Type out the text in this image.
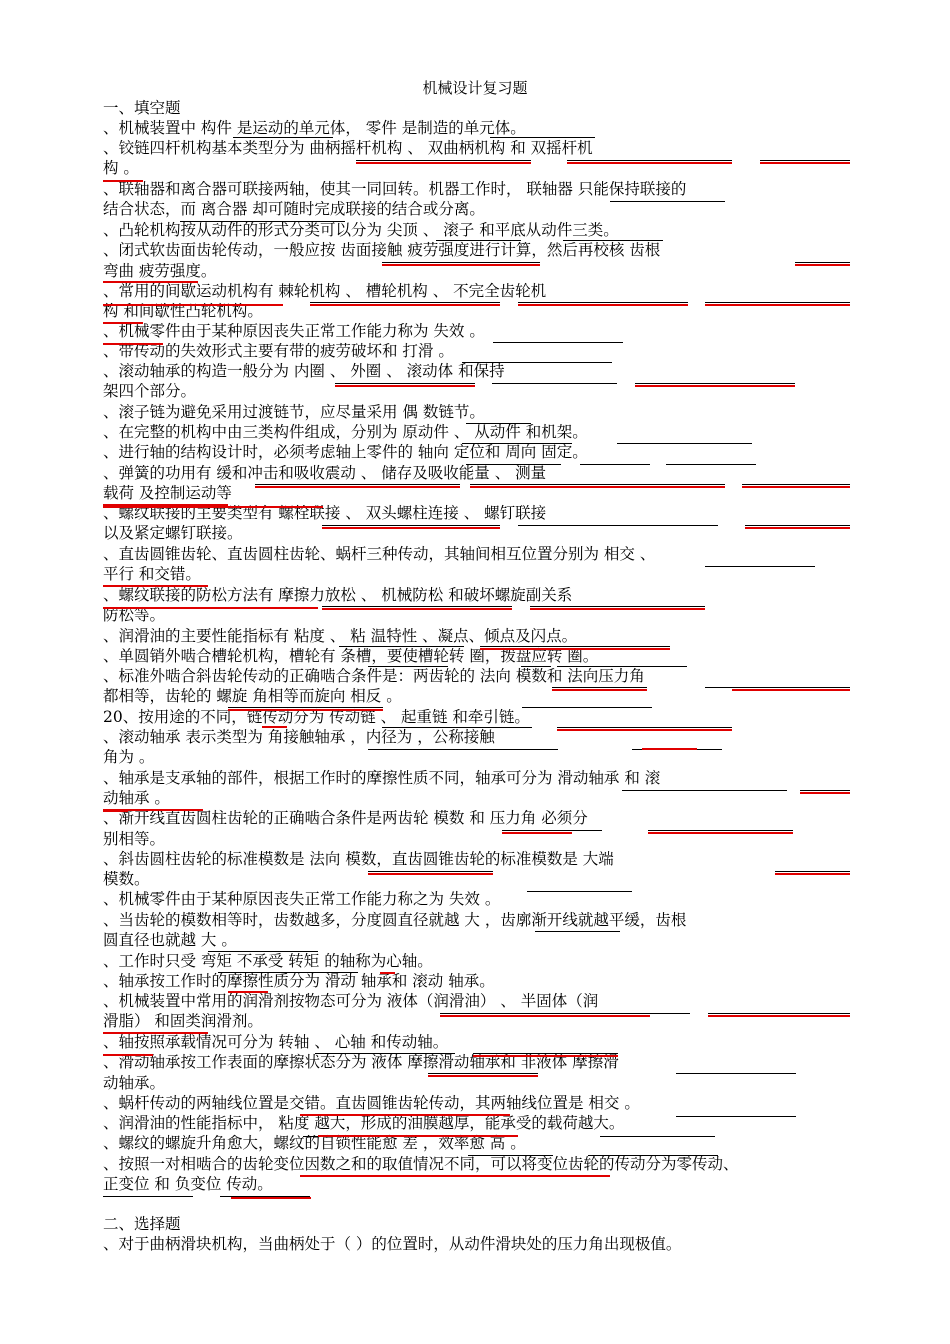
机械设计复习题
一、填空题
、机械装置中 构件 是运动的单元体， 零件 是制造的单元体。
、铰链四杆机构基本类型分为 曲柄摇杆机构 、 双曲柄机构 和 双摇杆机
构 。
、联轴器和离合器可联接两轴，使其一同回转。机器工作时， 联轴器 只能保持联接的
结合状态，而 离合器 却可随时完成联接的结合或分离。
、凸轮机构按从动件的形式分类可以分为 尖顶 、 滚子 和平底从动件三类。
、闭式软齿面齿轮传动，一般应按 齿面接触 疲劳强度进行计算，然后再校核 齿根
弯曲 疲劳强度。
、常用的间歇运动机构有 棘轮机构 、 槽轮机构 、 不完全齿轮机
构 和间歇性凸轮机构。
、机械零件由于某种原因丧失正常工作能力称为 失效 。
、带传动的失效形式主要有带的疲劳破坏和 打滑 。
、滚动轴承的构造一般分为 内圈 、 外圈 、 滚动体 和保持
架四个部分。
、滚子链为避免采用过渡链节，应尽量采用 偶 数链节。
、在完整的机构中由三类构件组成，分别为 原动件 、 从动件 和机架。
、进行轴的结构设计时，必须考虑轴上零件的 轴向 定位和 周向 固定。
、弹簧的功用有 缓和冲击和吸收震动 、 储存及吸收能量 、 测量
载荷 及控制运动等
、螺纹联接的主要类型有 螺栓联接 、 双头螺柱连接 、 螺钉联接
以及紧定螺钉联接。
、直齿圆锥齿轮、直齿圆柱齿轮、蜗杆三种传动，其轴间相互位置分别为 相交 、
平行 和交错。
、螺纹联接的防松方法有 摩擦力放松 、 机械防松 和破坏螺旋副关系
防松等。
、润滑油的主要性能指标有 粘度 、 粘 温特性 、凝点、倾点及闪点。
、单圆销外啮合槽轮机构，槽轮有 条槽，要使槽轮转 圈，拨盘应转 圈。
、标准外啮合斜齿轮传动的正确啮合条件是：两齿轮的 法向 模数和 法向压力角
都相等，齿轮的 螺旋 角相等而旋向 相反 。
20、按用途的不同，链传动分为 传动链 、 起重链 和牵引链。
、滚动轴承 表示类型为 角接触轴承 ，内径为 ，公称接触
角为 。
、轴承是支承轴的部件，根据工作时的摩擦性质不同，轴承可分为 滑动轴承 和 滚
动轴承 。
、渐开线直齿圆柱齿轮的正确啮合条件是两齿轮 模数 和 压力角 必须分
别相等。
、斜齿圆柱齿轮的标准模数是 法向 模数，直齿圆锥齿轮的标准模数是 大端
模数。
、机械零件由于某种原因丧失正常工作能力称之为 失效 。
、当齿轮的模数相等时，齿数越多，分度圆直径就越 大 ，齿廓渐开线就越平缓，齿根
圆直径也就越 大 。
、工作时只受 弯矩 不承受 转矩 的轴称为心轴。
、轴承按工作时的摩擦性质分为 滑动 轴承和 滚动 轴承。
、机械装置中常用的润滑剂按物态可分为 液体（润滑油） 、 半固体（润
滑脂） 和固类润滑剂。
、轴按照承载情况可分为 转轴 、 心轴 和传动轴。
、滑动轴承按工作表面的摩擦状态分为 液体 摩擦滑动轴承和 非液体 摩擦滑
动轴承。
、蜗杆传动的两轴线位置是交错。直齿圆锥齿轮传动，其两轴线位置是 相交 。
、润滑油的性能指标中， 粘度 越大，形成的油膜越厚，能承受的载荷越大。
、螺纹的螺旋升角愈大，螺纹的自锁性能愈 差 ，效率愈 高 。
、按照一对相啮合的齿轮变位因数之和的取值情况不同，可以将变位齿轮的传动分为零传动、
正变位 和 负变位 传动。
二、选择题
、对于曲柄滑块机构，当曲柄处于（ ）的位置时，从动件滑块处的压力角出现极值。
